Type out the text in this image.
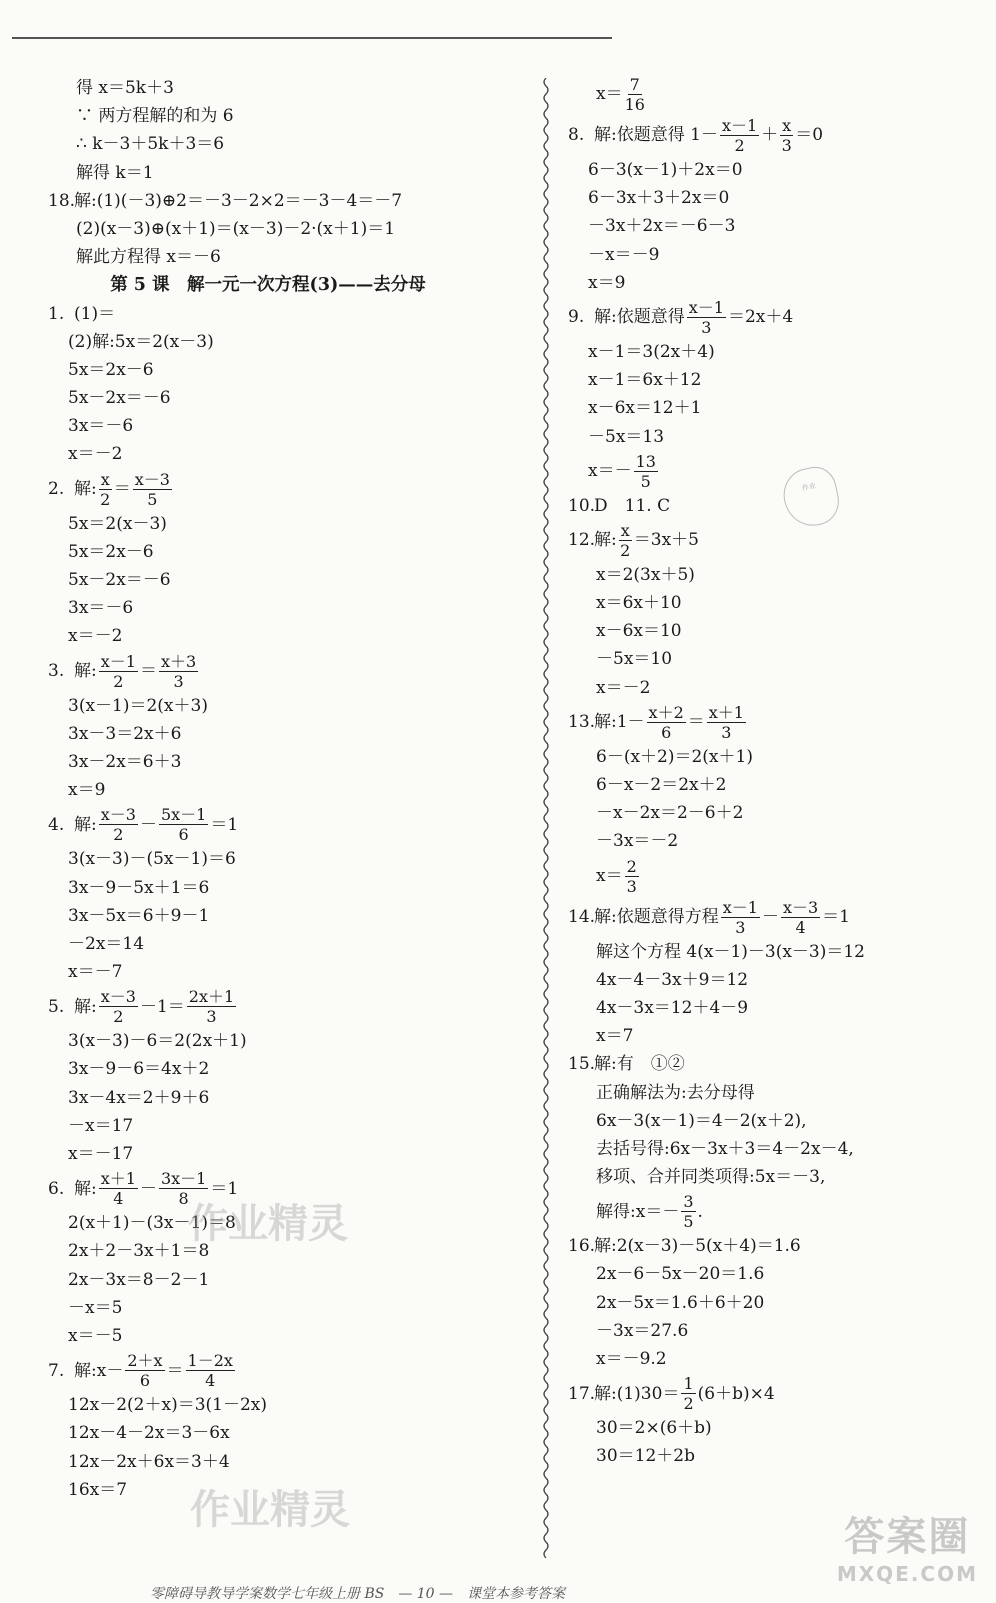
得 x＝5k＋3
∵ 两方程解的和为 6
∴ k－3＋5k＋3＝6
解得 k＝1
18.解:(1)(－3)⊕2＝－3－2×2＝－3－4＝－7
(2)(x－3)⊕(x＋1)＝(x－3)－2·(x＋1)＝1
解此方程得 x＝－6
第 5 课　解一元一次方程(3)——去分母
1. (1)＝
(2)解:5x＝2(x－3)
5x＝2x－6
5x－2x＝－6
3x＝－6
x＝－2
2. 解: $\frac{x}{2} = \frac{x-3}{5}$
5x＝2(x－3)
5x＝2x－6
5x－2x＝－6
3x＝－6
x＝－2
3. 解: $\frac{x-1}{2} = \frac{x+3}{3}$
3(x－1)＝2(x＋3)
3x－3＝2x＋6
3x－2x＝6＋3
x＝9
4. 解: $\frac{x-3}{2} - \frac{5x-1}{6} =1$
3(x－3)－(5x－1)＝6
3x－9－5x＋1＝6
3x－5x＝6＋9－1
－2x＝14
x＝－7
5. 解: $\frac{x-3}{2} -1= \frac{2x+1}{3}$
3(x－3)－6＝2(2x＋1)
3x－9－6＝4x＋2
3x－4x＝2＋9＋6
－x＝17
x＝－17
6. 解: $\frac{x+1}{4} - \frac{3x-1}{8} =1$
2(x＋1)－(3x－1)＝8
2x＋2－3x＋1＝8
2x－3x＝8－2－1
－x＝5
x＝－5
7. 解:x－ $\frac{2+x}{6} = \frac{1-2x}{4}$
12x－2(2＋x)＝3(1－2x)
12x－4－2x＝3－6x
12x－2x＋6x＝3＋4
16x＝7
$x= \frac{7}{16}$
8. 解:依题意得 $1- \frac{x-1}{2} + \frac{x}{3} =0$
6－3(x－1)＋2x＝0
6－3x＋3＋2x＝0
－3x＋2x＝－6－3
－x＝－9
x＝9
9. 解:依题意得 $\frac{x-1}{3} =2x+4$
x－1＝3(2x＋4)
x－1＝6x＋12
x－6x＝12＋1
－5x＝13
$x=- \frac{13}{5}$
10.D　11. C
12.
解: $\frac{x}{2} =3x+5$
x＝2(3x＋5)
x＝6x＋10
x－6x＝10
－5x＝10
x＝－2
13.
解:1－ $\frac{x+2}{6} = \frac{x+1}{3}$
6－(x＋2)＝2(x＋1)
6－x－2＝2x＋2
－x－2x＝2－6＋2
－3x＝－2
$x= \frac{2}{3}$
14.
解:依题意得方程 $\frac{x-1}{3} - \frac{x-3}{4} =1$
解这个方程 4(x－1)－3(x－3)＝12
4x－4－3x＋9＝12
4x－3x＝12＋4－9
x＝7
15.解:有　①②
正确解法为:去分母得
6x－3(x－1)＝4－2(x＋2),
去括号得:6x－3x＋3＝4－2x－4,
移项、合并同类项得:5x＝－3,
解得:x＝－ $\frac{3}{5}$ .
16.解:2(x－3)－5(x＋4)＝1.6
2x－6－5x－20＝1.6
2x－5x＝1.6＋6＋20
－3x＝27.6
x＝－9.2
17.
解:(1)30＝ $\frac{1}{2} (6+b)\times 4$
30＝2×(6＋b)
30＝12＋2b
作业
作业精灵
作业精灵
答案圈
MXQE.COM
零障碍导教导学案数学七年级上册 BS　— 10 —　课堂本参考答案
